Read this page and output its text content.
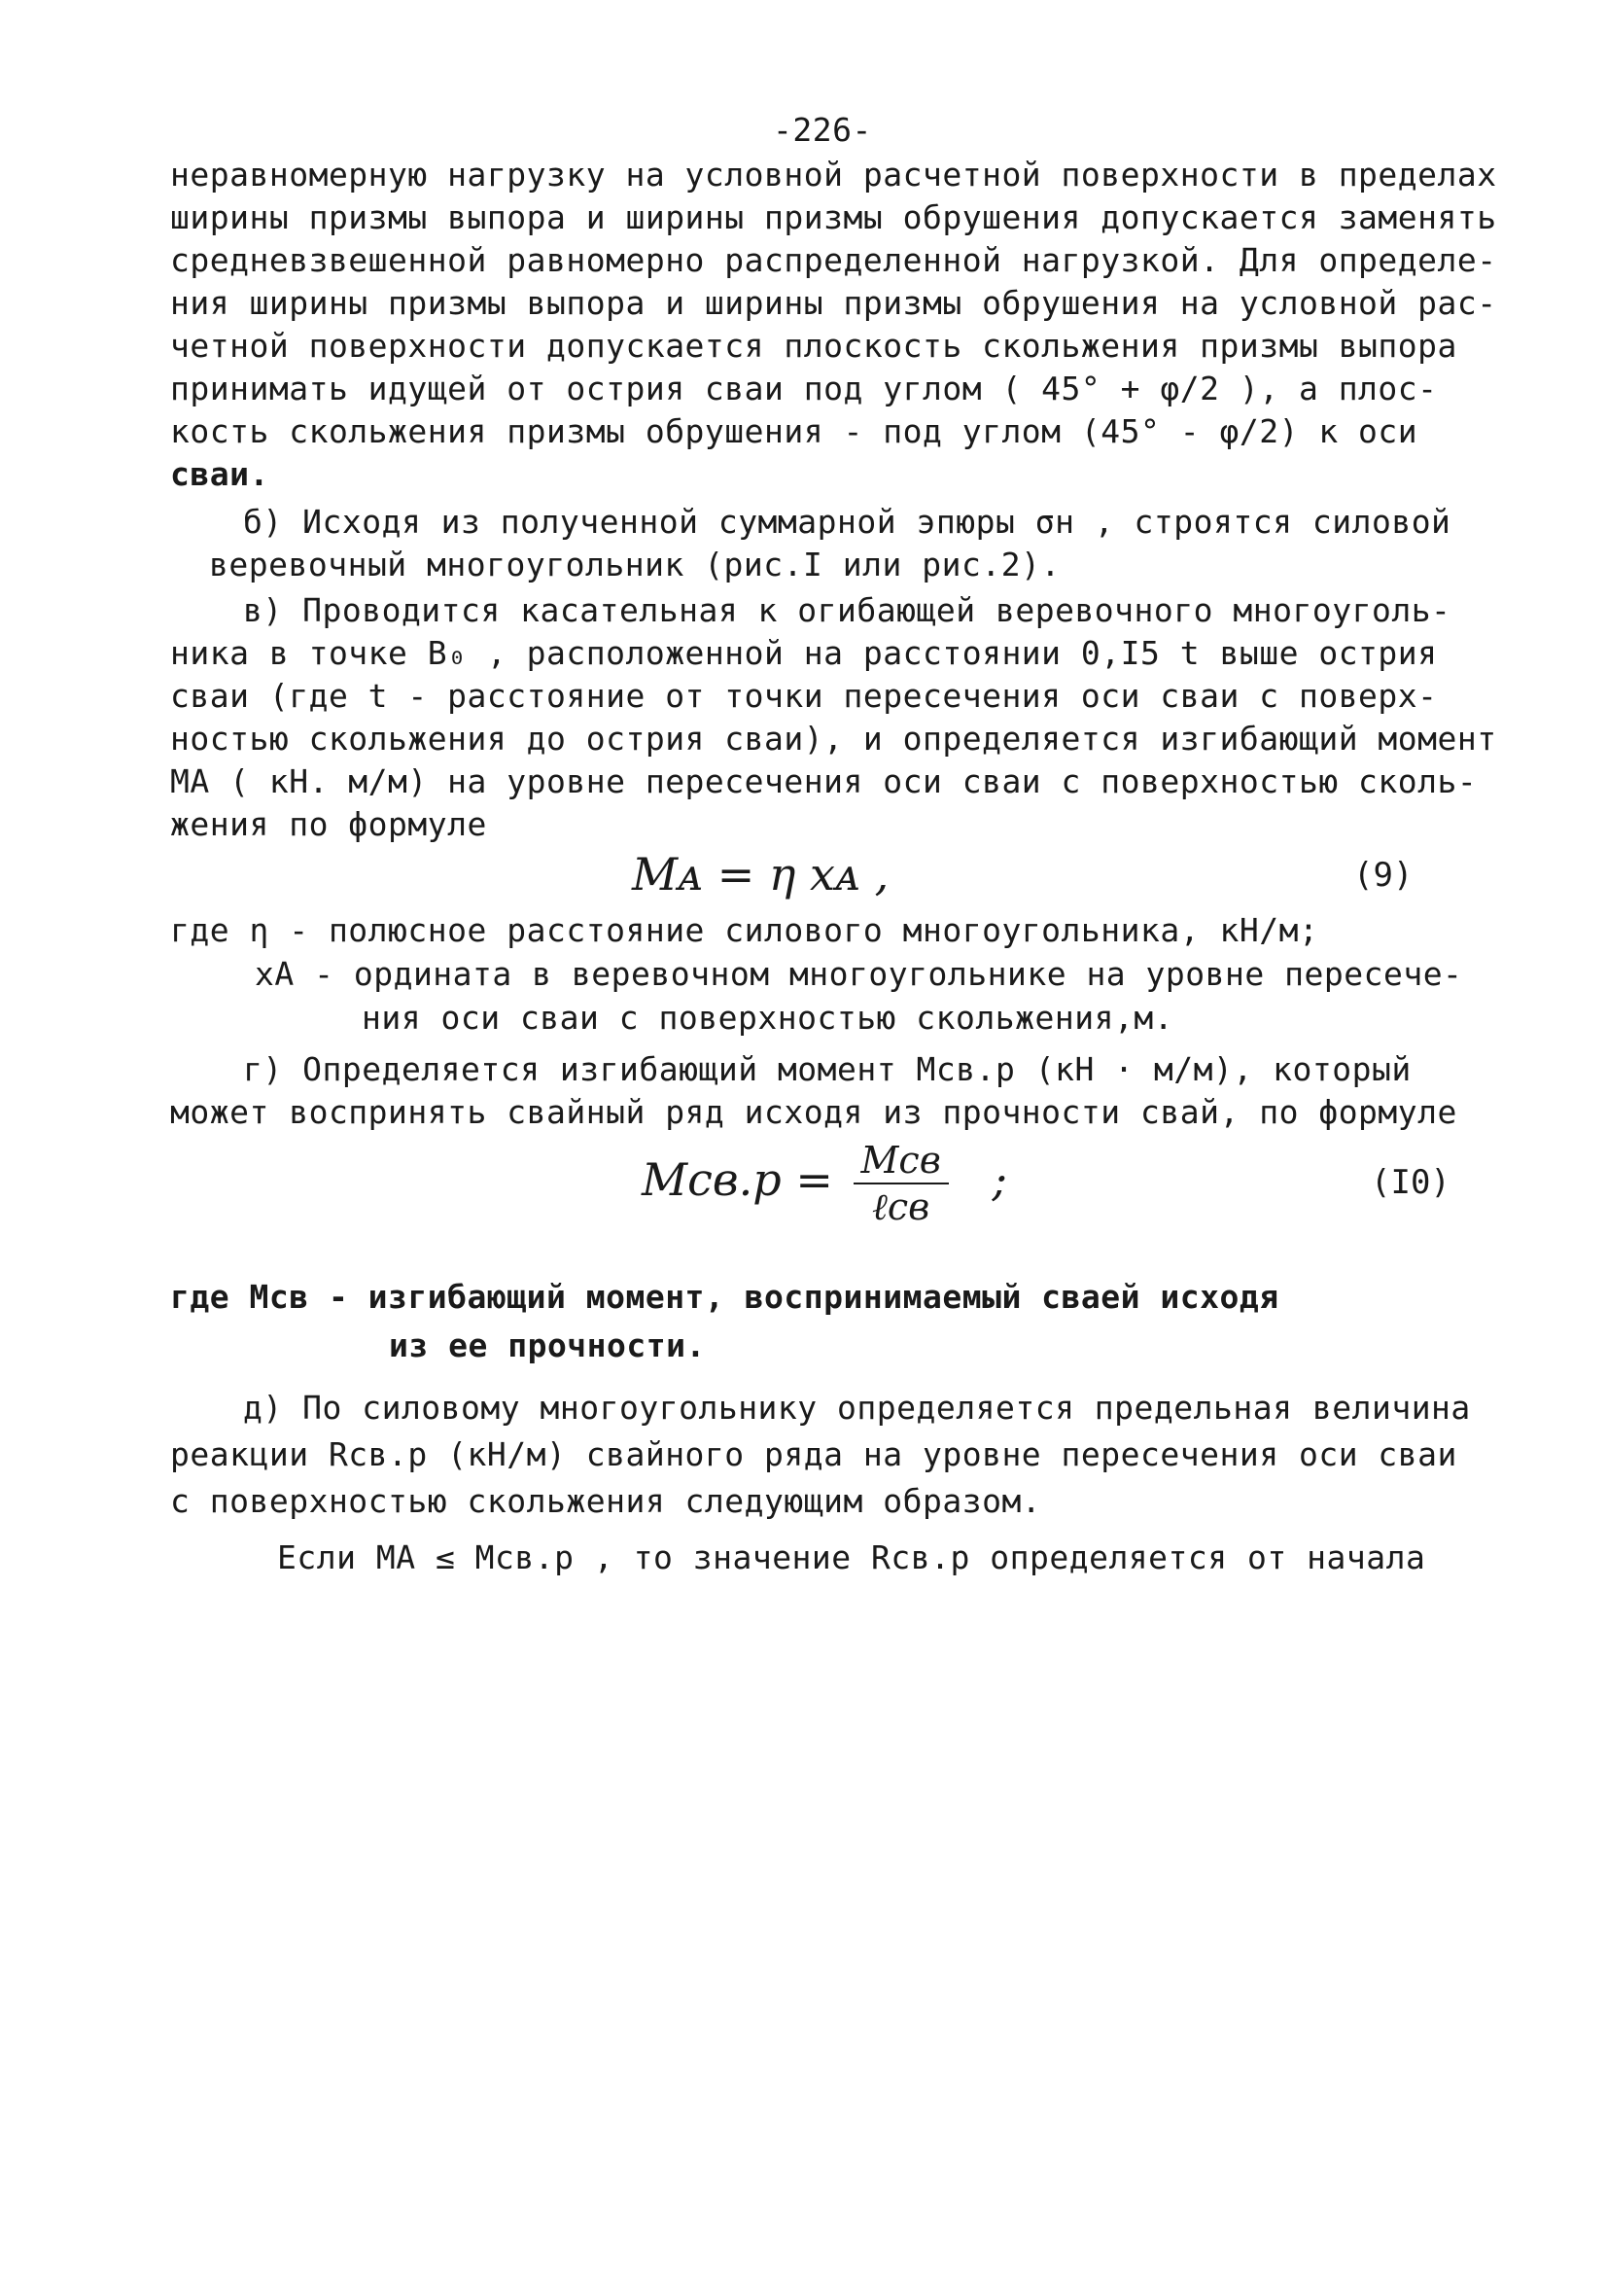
-226-
неравномерную нагрузку на условной расчетной поверхности в пределах
ширины призмы выпора и ширины призмы обрушения допускается заменять
средневзвешенной равномерно распределенной нагрузкой. Для определе-
ния ширины призмы выпора и ширины призмы обрушения на условной рас-
четной поверхности допускается плоскость скольжения призмы выпора
принимать идущей от острия сваи под углом ( 45° + φ/2 ), а плос-
кость скольжения призмы обрушения - под углом (45° - φ/2) к оси
сваи.
б) Исходя из полученной суммарной эпюры σн , строятся силовой
веревочный многоугольник (рис.I или рис.2).
в) Проводится касательная к огибающей веревочного многоуголь-
ника в точке B₀ , расположенной на расстоянии 0,I5 t выше острия
сваи (где t - расстояние от точки пересечения оси сваи с поверх-
ностью скольжения до острия сваи), и определяется изгибающий момент
MA ( кН. м/м) на уровне пересечения оси сваи с поверхностью сколь-
жения по формуле
Mᴀ = η xᴀ ,	(9)
где η - полюсное расстояние силового многоугольника, кН/м;
xA - ордината в веревочном многоугольнике на уровне пересече-
ния оси сваи с поверхностью скольжения,м.
г) Определяется изгибающий момент Mсв.р (кН · м/м), который
может воспринять свайный ряд исходя из прочности свай, по формуле
$Mсв.р = \frac{\text{Mсв}}{\text{ℓсв}}$ ;	(I0)
где Mсв - изгибающий момент, воспринимаемый сваей исходя
из ее прочности.
д) По силовому многоугольнику определяется предельная величина
реакции Rсв.р (кН/м) свайного ряда на уровне пересечения оси сваи
с поверхностью скольжения следующим образом.
Если MA ≤ Mсв.р , то значение Rсв.р определяется от начала
